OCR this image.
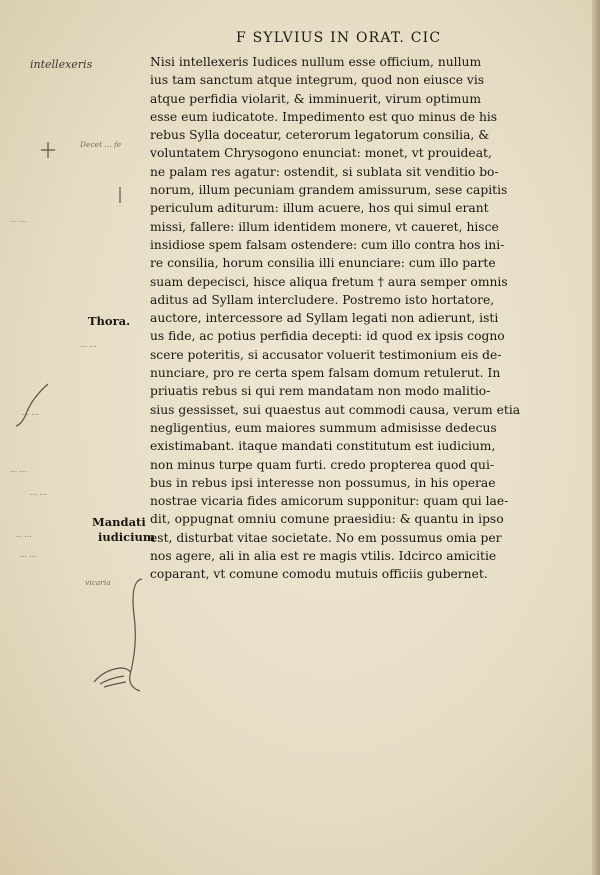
F SYLVIUS IN ORAT. CIC
Nisi intellexeris Iudices nullum esse officium, nullum
ius tam sanctum atque integrum, quod non eiusce vis
atque perfidia violarit, & imminuerit, virum optimum
esse eum iudicatote. Impedimento est quo minus de his
rebus Sylla doceatur, ceterorum legatorum consilia, &
voluntatem Chrysogono enunciat: monet, vt prouideat,
ne palam res agatur: ostendit, si sublata sit venditio bo-
norum, illum pecuniam grandem amissurum, sese capitis
periculum aditurum: illum acuere, hos qui simul erant
missi, fallere: illum identidem monere, vt caueret, hisce
insidiose spem falsam ostendere: cum illo contra hos ini-
re consilia, horum consilia illi enunciare: cum illo parte
suam depecisci, hisce aliqua fretum † aura semper omnis
aditus ad Syllam intercludere. Postremo isto hortatore,
auctore, intercessore ad Syllam legati non adierunt, isti
us fide, ac potius perfidia decepti: id quod ex ipsis cogno
scere poteritis, si accusator voluerit testimonium eis de-
nunciare, pro re certa spem falsam domum retulerut. In
priuatis rebus si qui rem mandatam non modo malitio-
sius gessisset, sui quaestus aut commodi causa, verum etia
negligentius, eum maiores summum admisisse dedecus
existimabant. itaque mandati constitutum est iudicium,
non minus turpe quam furti. credo propterea quod qui-
bus in rebus ipsi interesse non possumus, in his operae
nostrae vicaria fides amicorum supponitur: quam qui lae-
dit, oppugnat omniu comune praesidiu: & quantu in ipso
est, disturbat vitae societate. No em possumus omia per
nos agere, ali in alia est re magis vtilis. Idcirco amicitie
coparant, vt comune comodu mutuis officiis gubernet.
Thora.
Mandati
iudicium
intellexeris
Decet ... fe
... ...
... ...
... ...
... ...
... ...
... ...
... ...
vicaria
